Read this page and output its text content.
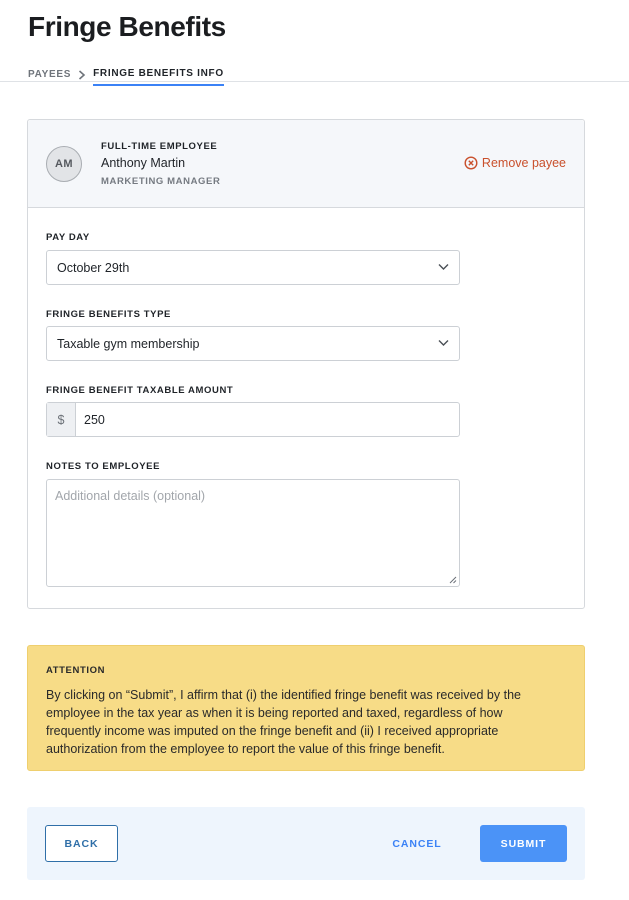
Fringe Benefits
PAYEES FRINGE BENEFITS INFO
AM
FULL-TIME EMPLOYEE
Anthony Martin
MARKETING MANAGER
Remove payee
PAY DAY
October 29th
FRINGE BENEFITS TYPE
Taxable gym membership
FRINGE BENEFIT TAXABLE AMOUNT
$	250
NOTES TO EMPLOYEE
Additional details (optional)
ATTENTION
By clicking on “Submit”, I affirm that (i) the identified fringe benefit was received by the employee in the tax year as when it is being reported and taxed, regardless of how frequently income was imputed on the fringe benefit and (ii) I received appropriate authorization from the employee to report the value of this fringe benefit.
BACK	CANCEL	SUBMIT
